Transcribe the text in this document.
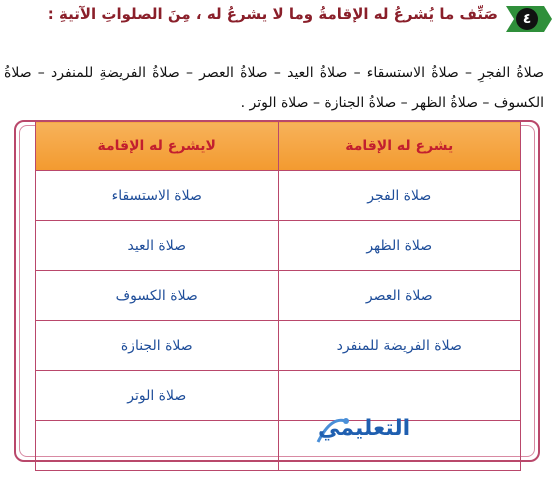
٤
صَنِّف ما يُشرعُ له الإقامةُ وما لا يشرعُ له ، مِنَ الصلواتِ الآتيةِ :
صلاةُ الفجرِ – صلاةُ الاستسقاء – صلاةُ العيد – صلاةُ العصر – صلاةُ الفريضةِ للمنفرد – صلاةُ الكسوف – صلاةُ الظهر – صلاةُ الجنازة – صلاة الوتر .
يشرع له الإقامة	لايشرع له الإقامة
صلاة الفجر	صلاة الاستسقاء
صلاة الظهر	صلاة العيد
صلاة العصر	صلاة الكسوف
صلاة الفريضة للمنفرد	صلاة الجنازة
	صلاة الوتر

التعليمي
